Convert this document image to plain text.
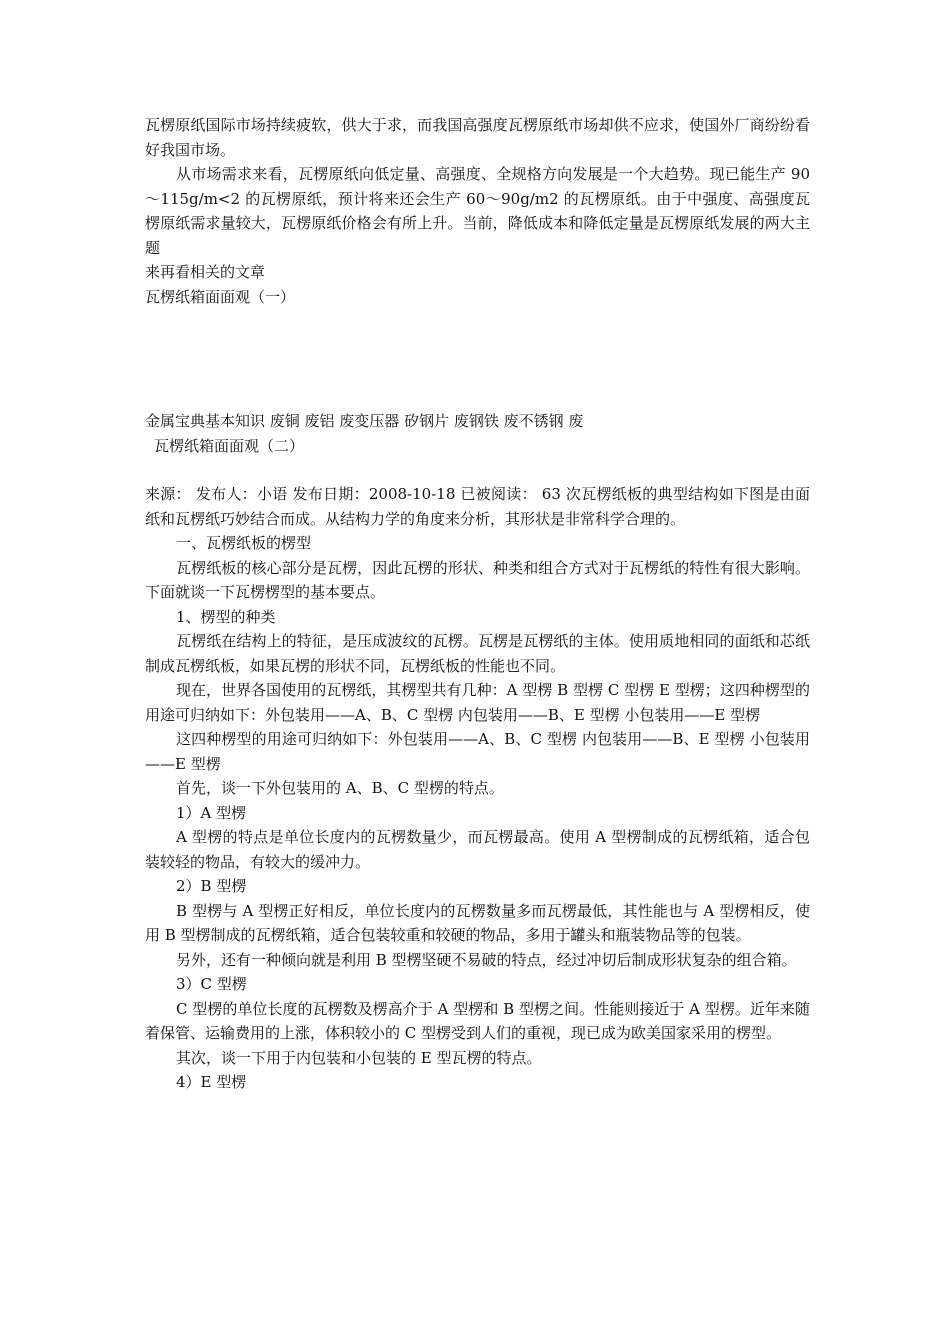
瓦楞原纸国际市场持续疲软，供大于求，而我国高强度瓦楞原纸市场却供不应求，使国外厂商纷纷看好我国市场。

从市场需求来看，瓦楞原纸向低定量、高强度、全规格方向发展是一个大趋势。现已能生产 90 ～115g/m<2 的瓦楞原纸，预计将来还会生产 60～90g/m2 的瓦楞原纸。由于中强度、高强度瓦楞原纸需求量较大，瓦楞原纸价格会有所上升。当前，降低成本和降低定量是瓦楞原纸发展的两大主题

来再看相关的文章

瓦楞纸箱面面观（一）

金属宝典基本知识 废铜 废铝 废变压器 矽钢片 废钢铁 废不锈钢 废

瓦楞纸箱面面观（二）

来源： 发布人：小语 发布日期：2008-10-18 已被阅读： 63 次瓦楞纸板的典型结构如下图是由面纸和瓦楞纸巧妙结合而成。从结构力学的角度来分析，其形状是非常科学合理的。

一、瓦楞纸板的楞型

瓦楞纸板的核心部分是瓦楞，因此瓦楞的形状、种类和组合方式对于瓦楞纸的特性有很大影响。下面就谈一下瓦楞楞型的基本要点。

1、楞型的种类

瓦楞纸在结构上的特征，是压成波纹的瓦楞。瓦楞是瓦楞纸的主体。使用质地相同的面纸和芯纸制成瓦楞纸板，如果瓦楞的形状不同，瓦楞纸板的性能也不同。

现在，世界各国使用的瓦楞纸，其楞型共有几种：A 型楞 B 型楞 C 型楞 E 型楞；这四种楞型的用途可归纳如下：外包装用——A、B、C 型楞 内包装用——B、E 型楞 小包装用——E 型楞

这四种楞型的用途可归纳如下：外包装用——A、B、C 型楞 内包装用——B、E 型楞 小包装用——E 型楞

首先，谈一下外包装用的 A、B、C 型楞的特点。

1）A 型楞

A 型楞的特点是单位长度内的瓦楞数量少，而瓦楞最高。使用 A 型楞制成的瓦楞纸箱，适合包装较轻的物品，有较大的缓冲力。

2）B 型楞

B 型楞与 A 型楞正好相反，单位长度内的瓦楞数量多而瓦楞最低，其性能也与 A 型楞相反，使用 B 型楞制成的瓦楞纸箱，适合包装较重和较硬的物品，多用于罐头和瓶装物品等的包装。

另外，还有一种倾向就是利用 B 型楞坚硬不易破的特点，经过冲切后制成形状复杂的组合箱。

3）C 型楞

C 型楞的单位长度的瓦楞数及楞高介于 A 型楞和 B 型楞之间。性能则接近于 A 型楞。近年来随着保管、运输费用的上涨，体积较小的 C 型楞受到人们的重视，现已成为欧美国家采用的楞型。

其次，谈一下用于内包装和小包装的 E 型瓦楞的特点。

4）E 型楞
